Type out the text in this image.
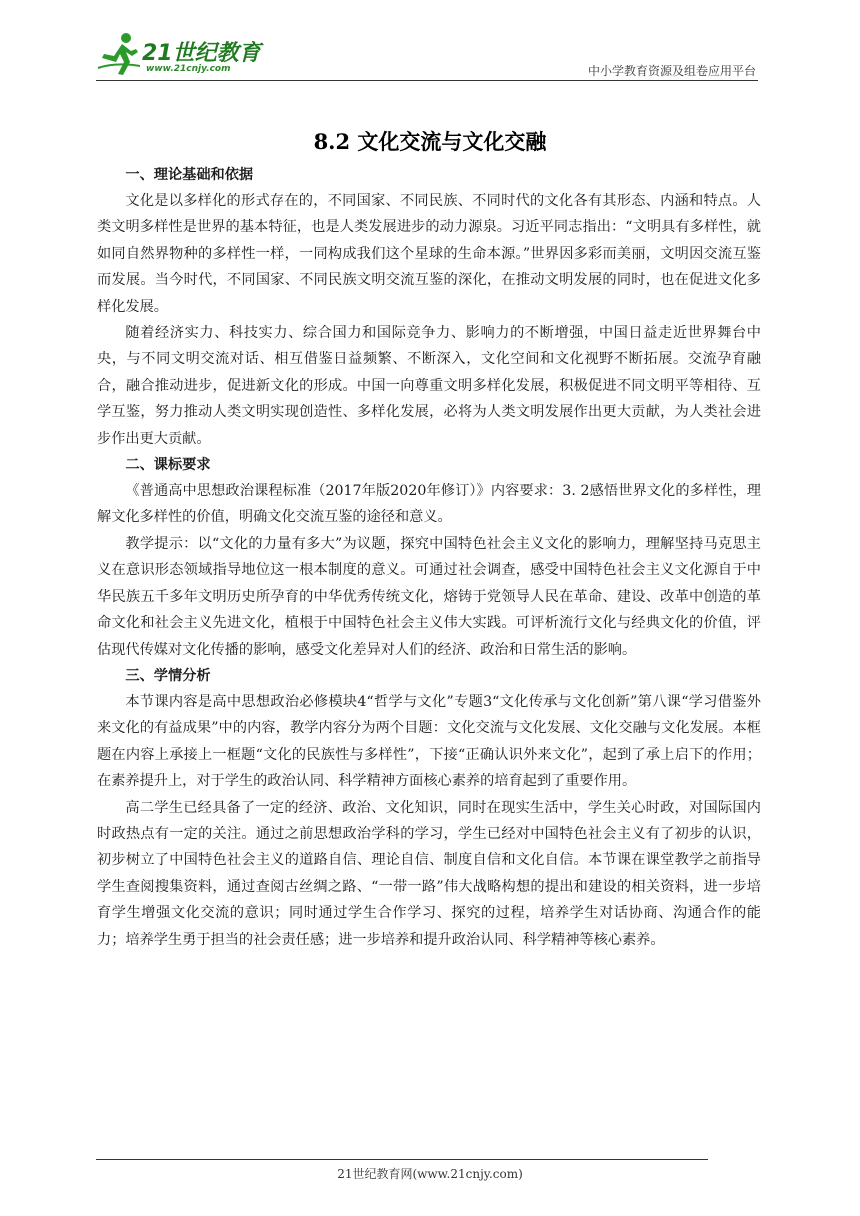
21世纪教育
www.21cnjy.com	中小学教育资源及组卷应用平台
8.2 文化交流与文化交融
一、理论基础和依据

文化是以多样化的形式存在的，不同国家、不同民族、不同时代的文化各有其形态、内涵和特点。人类文明多样性是世界的基本特征，也是人类发展进步的动力源泉。习近平同志指出：“文明具有多样性，就如同自然界物种的多样性一样，一同构成我们这个星球的生命本源。”世界因多彩而美丽，文明因交流互鉴而发展。当今时代，不同国家、不同民族文明交流互鉴的深化，在推动文明发展的同时，也在促进文化多样化发展。

随着经济实力、科技实力、综合国力和国际竞争力、影响力的不断增强，中国日益走近世界舞台中央，与不同文明交流对话、相互借鉴日益频繁、不断深入，文化空间和文化视野不断拓展。交流孕育融合，融合推动进步，促进新文化的形成。中国一向尊重文明多样化发展，积极促进不同文明平等相待、互学互鉴，努力推动人类文明实现创造性、多样化发展，必将为人类文明发展作出更大贡献，为人类社会进步作出更大贡献。

二、课标要求

《普通高中思想政治课程标准（2017年版2020年修订）》内容要求：3. 2感悟世界文化的多样性，理解文化多样性的价值，明确文化交流互鉴的途径和意义。

教学提示：以“文化的力量有多大”为议题，探究中国特色社会主义文化的影响力，理解坚持马克思主义在意识形态领域指导地位这一根本制度的意义。可通过社会调查，感受中国特色社会主义文化源自于中华民族五千多年文明历史所孕育的中华优秀传统文化，熔铸于党领导人民在革命、建设、改革中创造的革命文化和社会主义先进文化，植根于中国特色社会主义伟大实践。可评析流行文化与经典文化的价值，评估现代传媒对文化传播的影响，感受文化差异对人们的经济、政治和日常生活的影响。

三、学情分析

本节课内容是高中思想政治必修模块4“哲学与文化”专题3“文化传承与文化创新”第八课“学习借鉴外来文化的有益成果”中的内容，教学内容分为两个目题：文化交流与文化发展、文化交融与文化发展。本框题在内容上承接上一框题“文化的民族性与多样性”，下接“正确认识外来文化”，起到了承上启下的作用；在素养提升上，对于学生的政治认同、科学精神方面核心素养的培育起到了重要作用。

高二学生已经具备了一定的经济、政治、文化知识，同时在现实生活中，学生关心时政，对国际国内时政热点有一定的关注。通过之前思想政治学科的学习，学生已经对中国特色社会主义有了初步的认识，初步树立了中国特色社会主义的道路自信、理论自信、制度自信和文化自信。本节课在课堂教学之前指导学生查阅搜集资料，通过查阅古丝绸之路、“一带一路”伟大战略构想的提出和建设的相关资料，进一步培育学生增强文化交流的意识；同时通过学生合作学习、探究的过程，培养学生对话协商、沟通合作的能力；培养学生勇于担当的社会责任感；进一步培养和提升政治认同、科学精神等核心素养。

21世纪教育网(www.21cnjy.com)
